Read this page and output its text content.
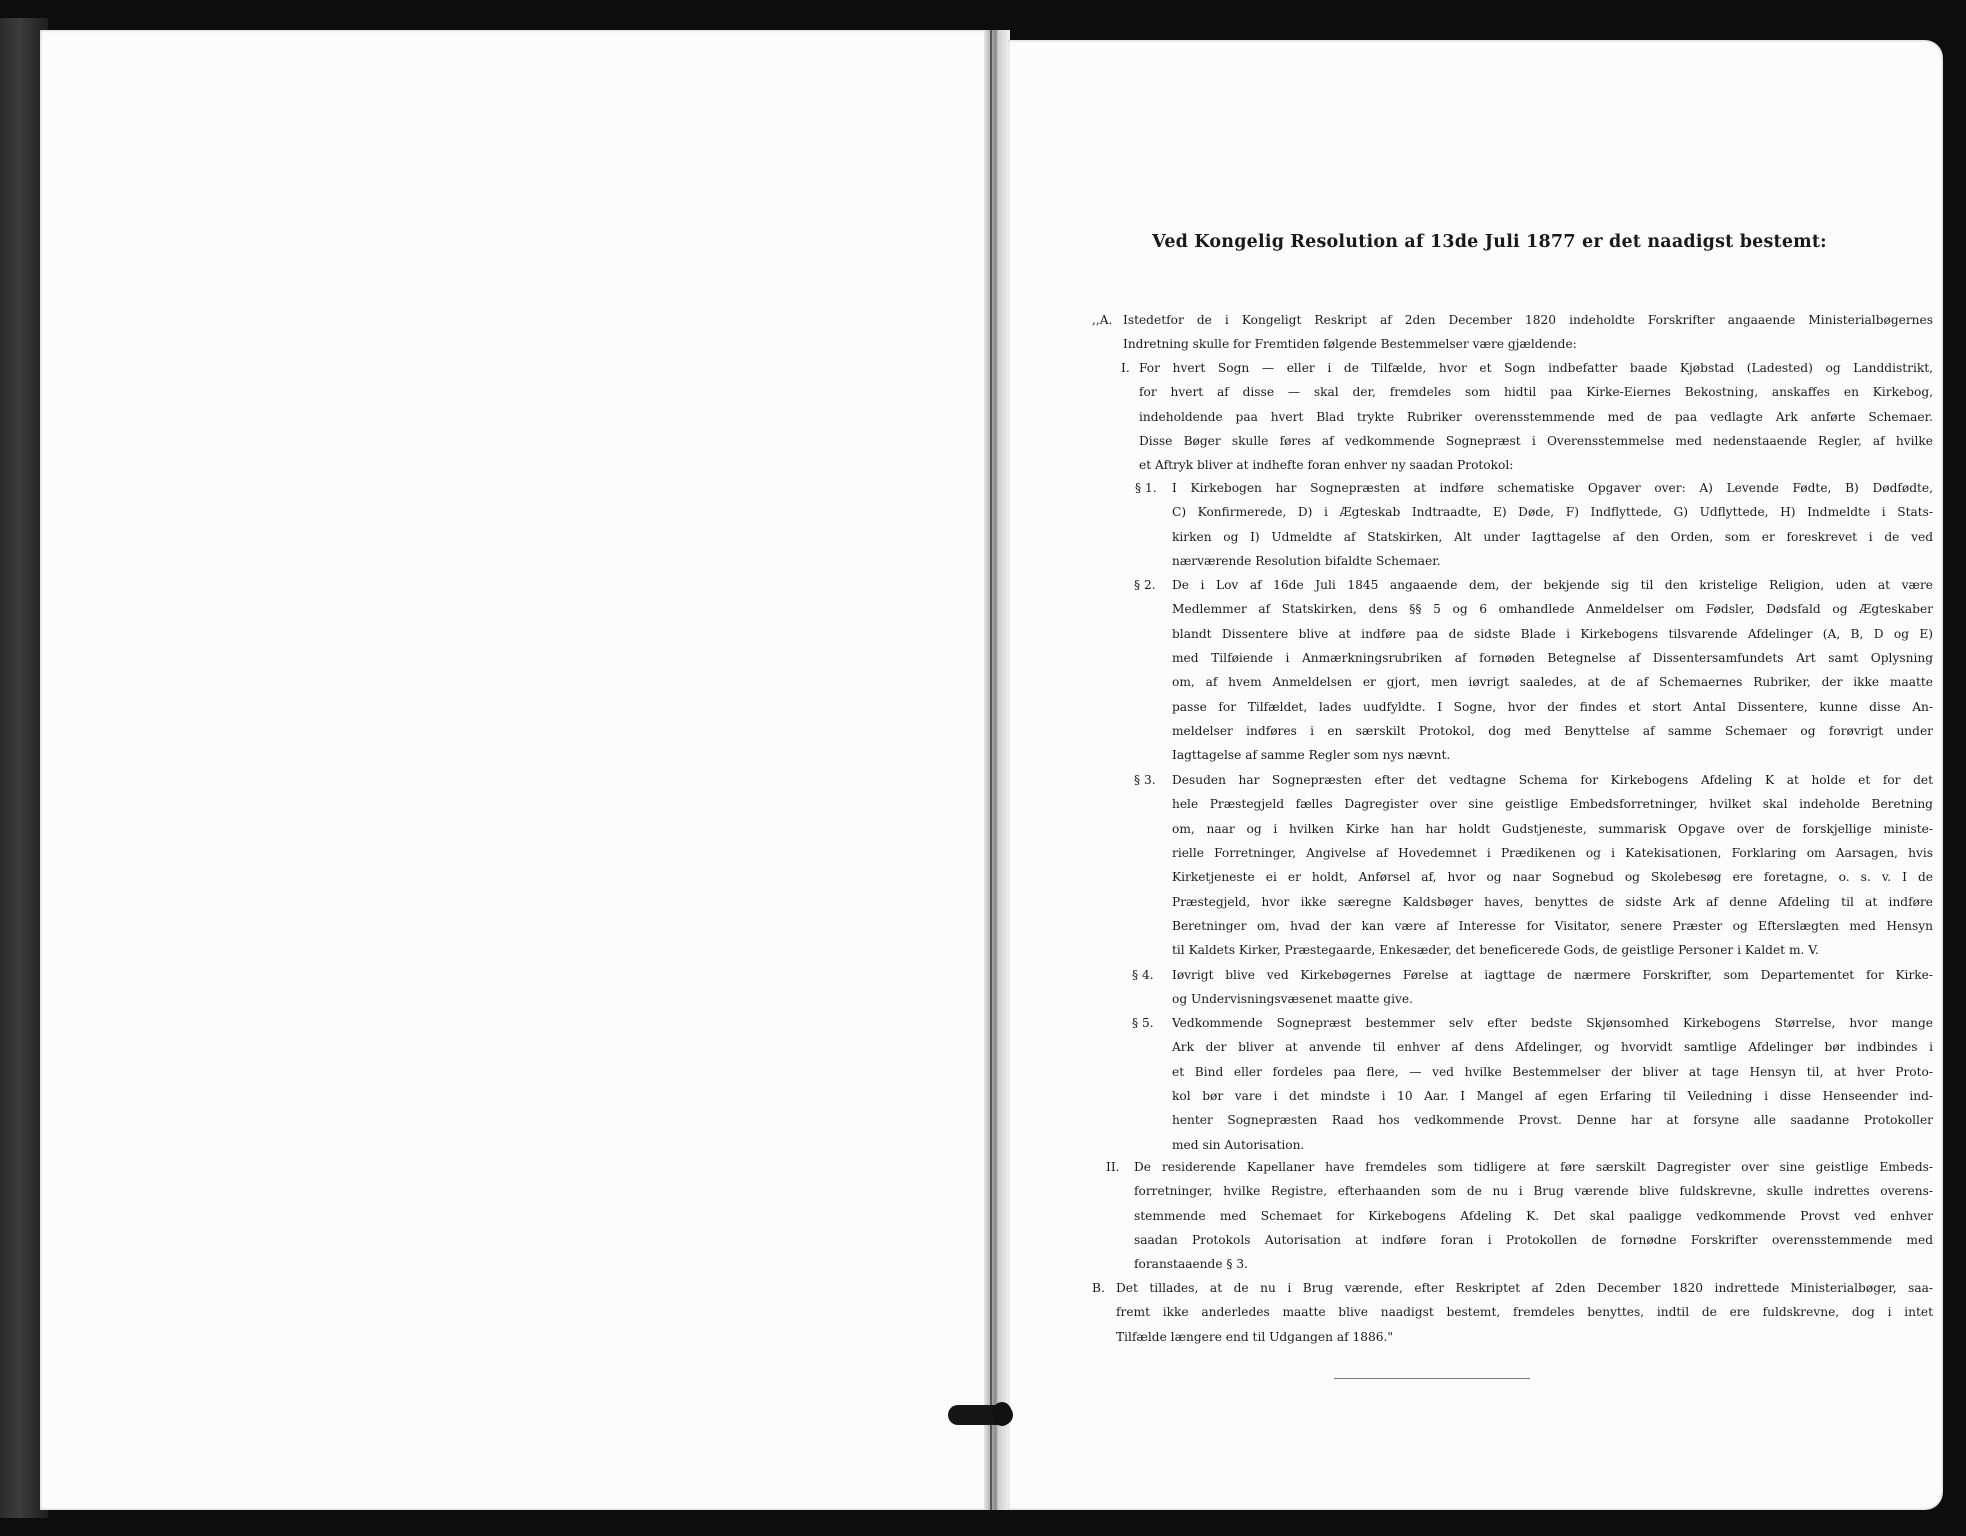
Ved Kongelig Resolution af 13de Juli 1877 er det naadigst bestemt:
,,A. Istedetfor de i Kongeligt Reskript af 2den December 1820 indeholdte Forskrifter angaaende Ministerialbøgernes
Indretning skulle for Fremtiden følgende Bestemmelser være gjældende:
I. For hvert Sogn — eller i de Tilfælde, hvor et Sogn indbefatter baade Kjøbstad (Ladested) og Landdistrikt,
for hvert af disse — skal der, fremdeles som hidtil paa Kirke-Eiernes Bekostning, anskaffes en Kirkebog,
indeholdende paa hvert Blad trykte Rubriker overensstemmende med de paa vedlagte Ark anførte Schemaer.
Disse Bøger skulle føres af vedkommende Sognepræst i Overensstemmelse med nedenstaaende Regler, af hvilke
et Aftryk bliver at indhefte foran enhver ny saadan Protokol:
§ 1. I Kirkebogen har Sognepræsten at indføre schematiske Opgaver over: A) Levende Fødte, B) Dødfødte,
C) Konfirmerede, D) i Ægteskab Indtraadte, E) Døde, F) Indflyttede, G) Udflyttede, H) Indmeldte i Stats-
kirken og I) Udmeldte af Statskirken, Alt under Iagttagelse af den Orden, som er foreskrevet i de ved
nærværende Resolution bifaldte Schemaer.
§ 2. De i Lov af 16de Juli 1845 angaaende dem, der bekjende sig til den kristelige Religion, uden at være
Medlemmer af Statskirken, dens §§ 5 og 6 omhandlede Anmeldelser om Fødsler, Dødsfald og Ægteskaber
blandt Dissentere blive at indføre paa de sidste Blade i Kirkebogens tilsvarende Afdelinger (A, B, D og E)
med Tilføiende i Anmærkningsrubriken af fornøden Betegnelse af Dissentersamfundets Art samt Oplysning
om, af hvem Anmeldelsen er gjort, men iøvrigt saaledes, at de af Schemaernes Rubriker, der ikke maatte
passe for Tilfældet, lades uudfyldte. I Sogne, hvor der findes et stort Antal Dissentere, kunne disse An-
meldelser indføres i en særskilt Protokol, dog med Benyttelse af samme Schemaer og forøvrigt under
Iagttagelse af samme Regler som nys nævnt.
§ 3. Desuden har Sognepræsten efter det vedtagne Schema for Kirkebogens Afdeling K at holde et for det
hele Præstegjeld fælles Dagregister over sine geistlige Embedsforretninger, hvilket skal indeholde Beretning
om, naar og i hvilken Kirke han har holdt Gudstjeneste, summarisk Opgave over de forskjellige ministe-
rielle Forretninger, Angivelse af Hovedemnet i Prædikenen og i Katekisationen, Forklaring om Aarsagen, hvis
Kirketjeneste ei er holdt, Anførsel af, hvor og naar Sognebud og Skolebesøg ere foretagne, o. s. v. I de
Præstegjeld, hvor ikke særegne Kaldsbøger haves, benyttes de sidste Ark af denne Afdeling til at indføre
Beretninger om, hvad der kan være af Interesse for Visitator, senere Præster og Efterslægten med Hensyn
til Kaldets Kirker, Præstegaarde, Enkesæder, det beneficerede Gods, de geistlige Personer i Kaldet m. V.
§ 4. Iøvrigt blive ved Kirkebøgernes Førelse at iagttage de nærmere Forskrifter, som Departementet for Kirke-
og Undervisningsvæsenet maatte give.
§ 5. Vedkommende Sognepræst bestemmer selv efter bedste Skjønsomhed Kirkebogens Størrelse, hvor mange
Ark der bliver at anvende til enhver af dens Afdelinger, og hvorvidt samtlige Afdelinger bør indbindes i
et Bind eller fordeles paa flere, — ved hvilke Bestemmelser der bliver at tage Hensyn til, at hver Proto-
kol bør vare i det mindste i 10 Aar. I Mangel af egen Erfaring til Veiledning i disse Henseender ind-
henter Sognepræsten Raad hos vedkommende Provst. Denne har at forsyne alle saadanne Protokoller
med sin Autorisation.
II. De residerende Kapellaner have fremdeles som tidligere at føre særskilt Dagregister over sine geistlige Embeds-
forretninger, hvilke Registre, efterhaanden som de nu i Brug værende blive fuldskrevne, skulle indrettes overens-
stemmende med Schemaet for Kirkebogens Afdeling K. Det skal paaligge vedkommende Provst ved enhver
saadan Protokols Autorisation at indføre foran i Protokollen de fornødne Forskrifter overensstemmende med
foranstaaende § 3.
B. Det tillades, at de nu i Brug værende, efter Reskriptet af 2den December 1820 indrettede Ministerialbøger, saa-
fremt ikke anderledes maatte blive naadigst bestemt, fremdeles benyttes, indtil de ere fuldskrevne, dog i intet
Tilfælde længere end til Udgangen af 1886."
